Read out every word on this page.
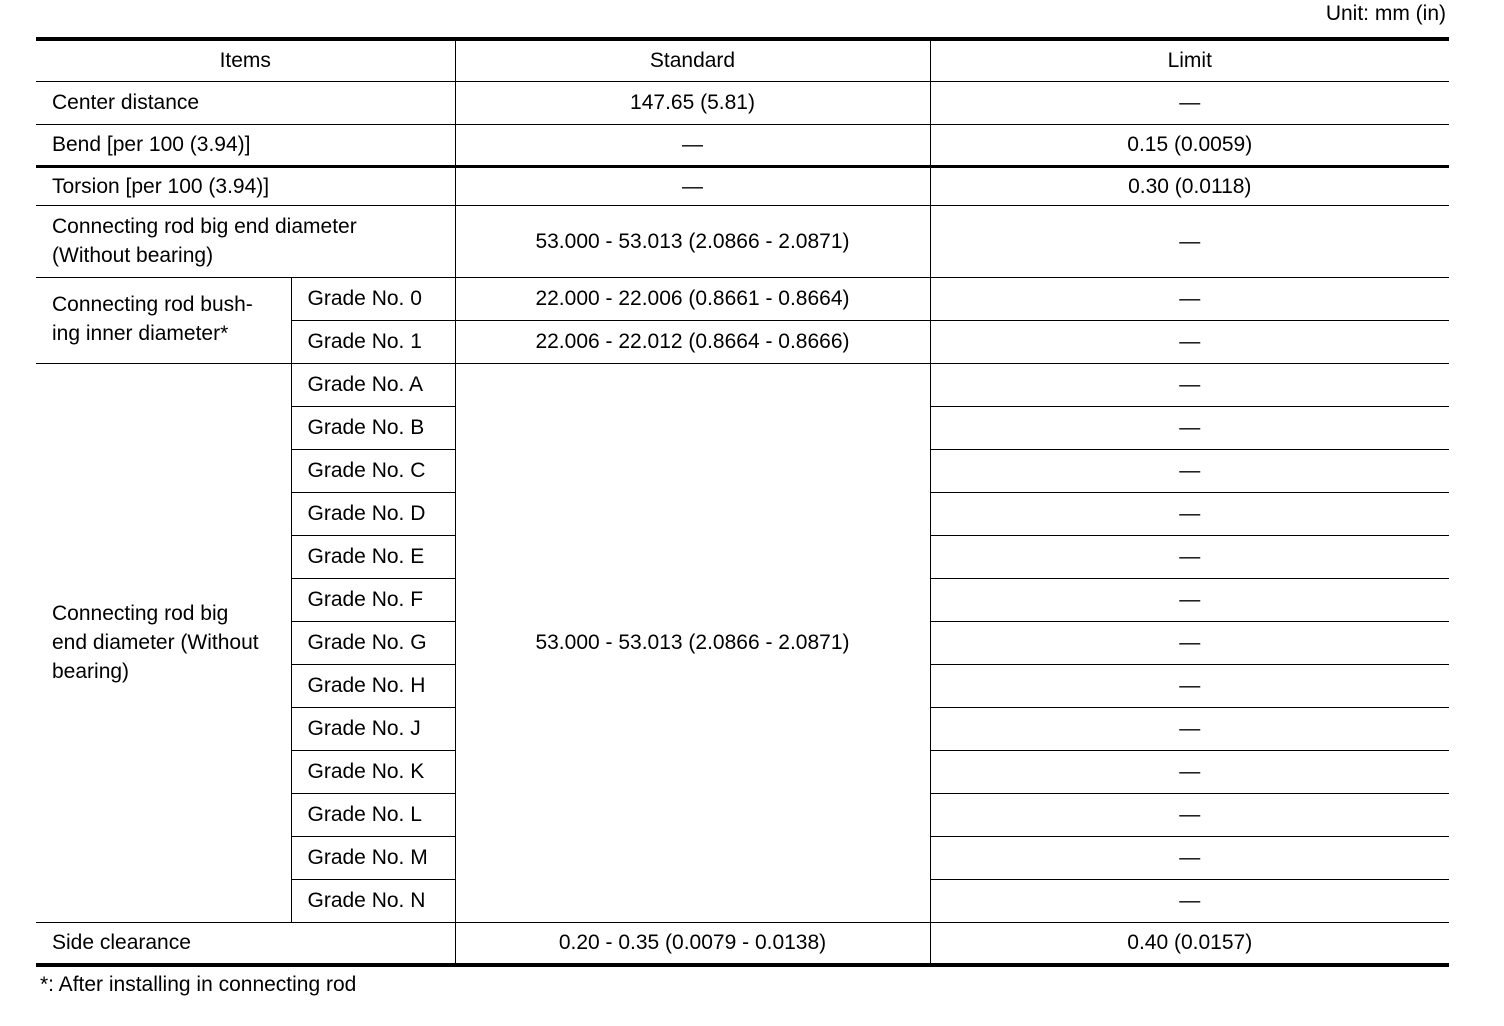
Unit: mm (in)
Items		Standard	Limit
Center distance		147.65 (5.81)	—
Bend [per 100 (3.94)]		—	0.15 (0.0059)
Torsion [per 100 (3.94)]		—	0.30 (0.0118)

Connecting rod big end diameter
(Without bearing)		53.000 - 53.013 (2.0866 - 2.0871)	—

Connecting rod bush-
ing inner diameter*	Grade No. 0	22.000 - 22.006 (0.8661 - 0.8664)	—
	Grade No. 1	22.006 - 22.012 (0.8664 - 0.8666)	—

Connecting rod big
end diameter (Without
bearing)	Grade No. A	53.000 - 53.013 (2.0866 - 2.0871)	—
	Grade No. B		—
	Grade No. C		—
	Grade No. D		—
	Grade No. E		—
	Grade No. F		—
	Grade No. G		—
	Grade No. H		—
	Grade No. J		—
	Grade No. K		—
	Grade No. L		—
	Grade No. M		—
	Grade No. N		—
Side clearance		0.20 - 0.35 (0.0079 - 0.0138)	0.40 (0.0157)
*: After installing in connecting rod
